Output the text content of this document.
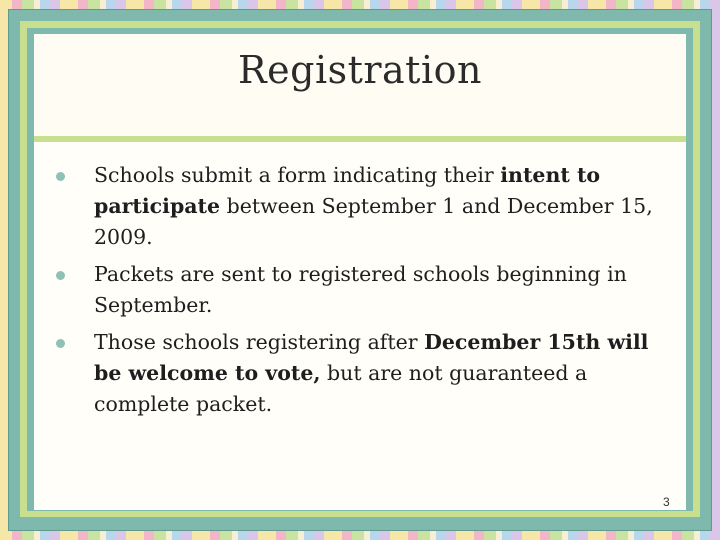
Registration
Schools submit a form indicating their intent to participate between September 1 and December 15, 2009.
Packets are sent to registered schools beginning in September.
Those schools registering after December 15th will be welcome to vote, but are not guaranteed a complete packet.
3
